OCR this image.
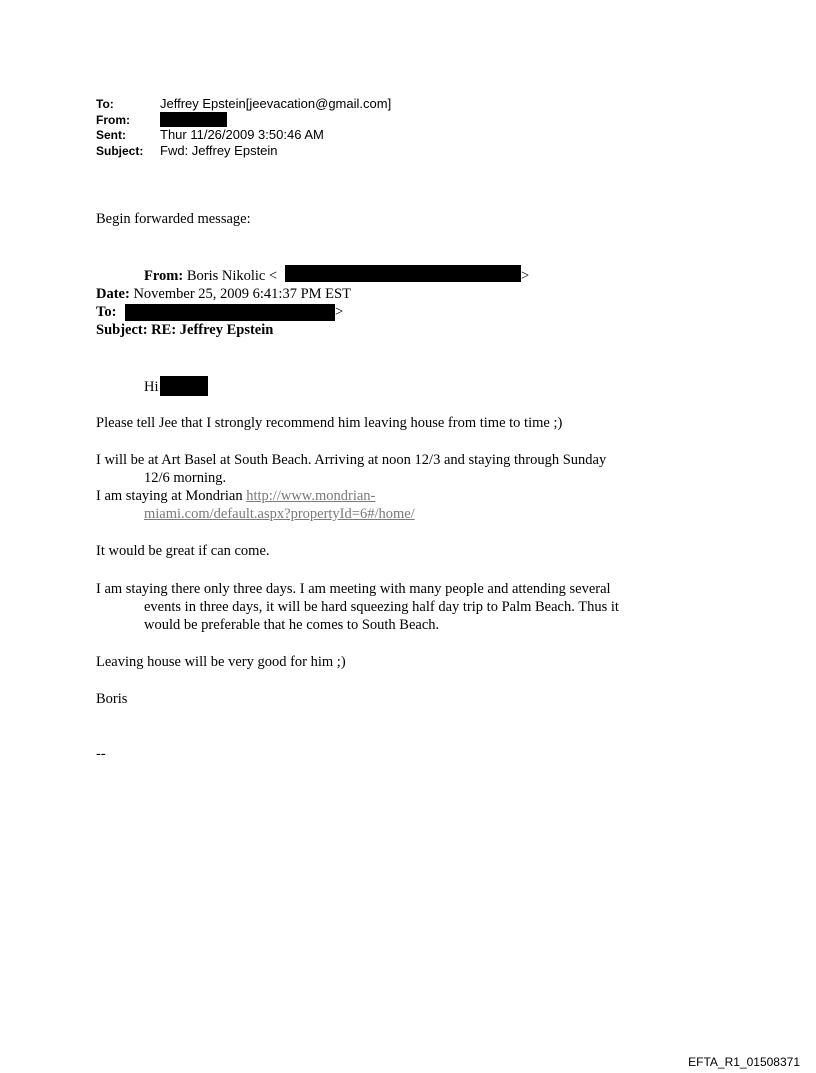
To:	Jeffrey Epstein[jeevacation@gmail.com]
From:
Sent:	Thur 11/26/2009 3:50:46 AM
Subject: Fwd: Jeffrey Epstein
Begin forwarded message:
From: Boris Nikolic <	>
Date: November 25, 2009 6:41:37 PM EST
To:	>
Subject: RE: Jeffrey Epstein
Hi
Please tell Jee that I strongly recommend him leaving house from time to time ;)
I will be at Art Basel at South Beach. Arriving at noon 12/3 and staying through Sunday
12/6 morning.
I am staying at Mondrian http://www.mondrian-
miami.com/default.aspx?propertyId=6#/home/
It would be great if can come.
I am staying there only three days. I am meeting with many people and attending several
events in three days, it will be hard squeezing half day trip to Palm Beach. Thus it
would be preferable that he comes to South Beach.
Leaving house will be very good for him ;)
Boris
--
EFTA_R1_01508371
